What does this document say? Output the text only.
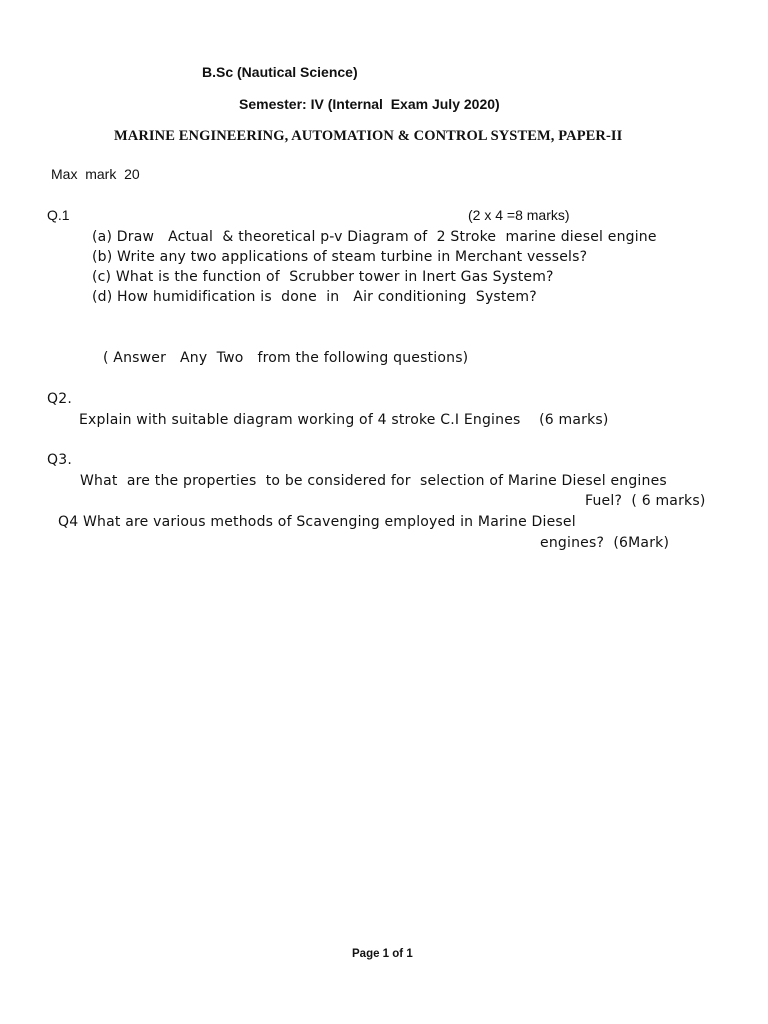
B.Sc (Nautical Science)

Semester: IV (Internal  Exam July 2020)

MARINE ENGINEERING, AUTOMATION & CONTROL SYSTEM, PAPER-II

Max  mark  20

Q.1	(2 x 4 =8 marks)

(a) Draw   Actual  & theoretical p-v Diagram of  2 Stroke  marine diesel engine

(b) Write any two applications of steam turbine in Merchant vessels?

(c) What is the function of  Scrubber tower in Inert Gas System?

(d) How humidification is  done  in   Air conditioning  System?

( Answer   Any  Two   from the following questions)

Q2.

Explain with suitable diagram working of 4 stroke C.I Engines    (6 marks)

Q3.

What  are the properties  to be considered for  selection of Marine Diesel engines

Fuel?  ( 6 marks)

Q4 What are various methods of Scavenging employed in Marine Diesel

engines?  (6Mark)

Page 1 of 1
